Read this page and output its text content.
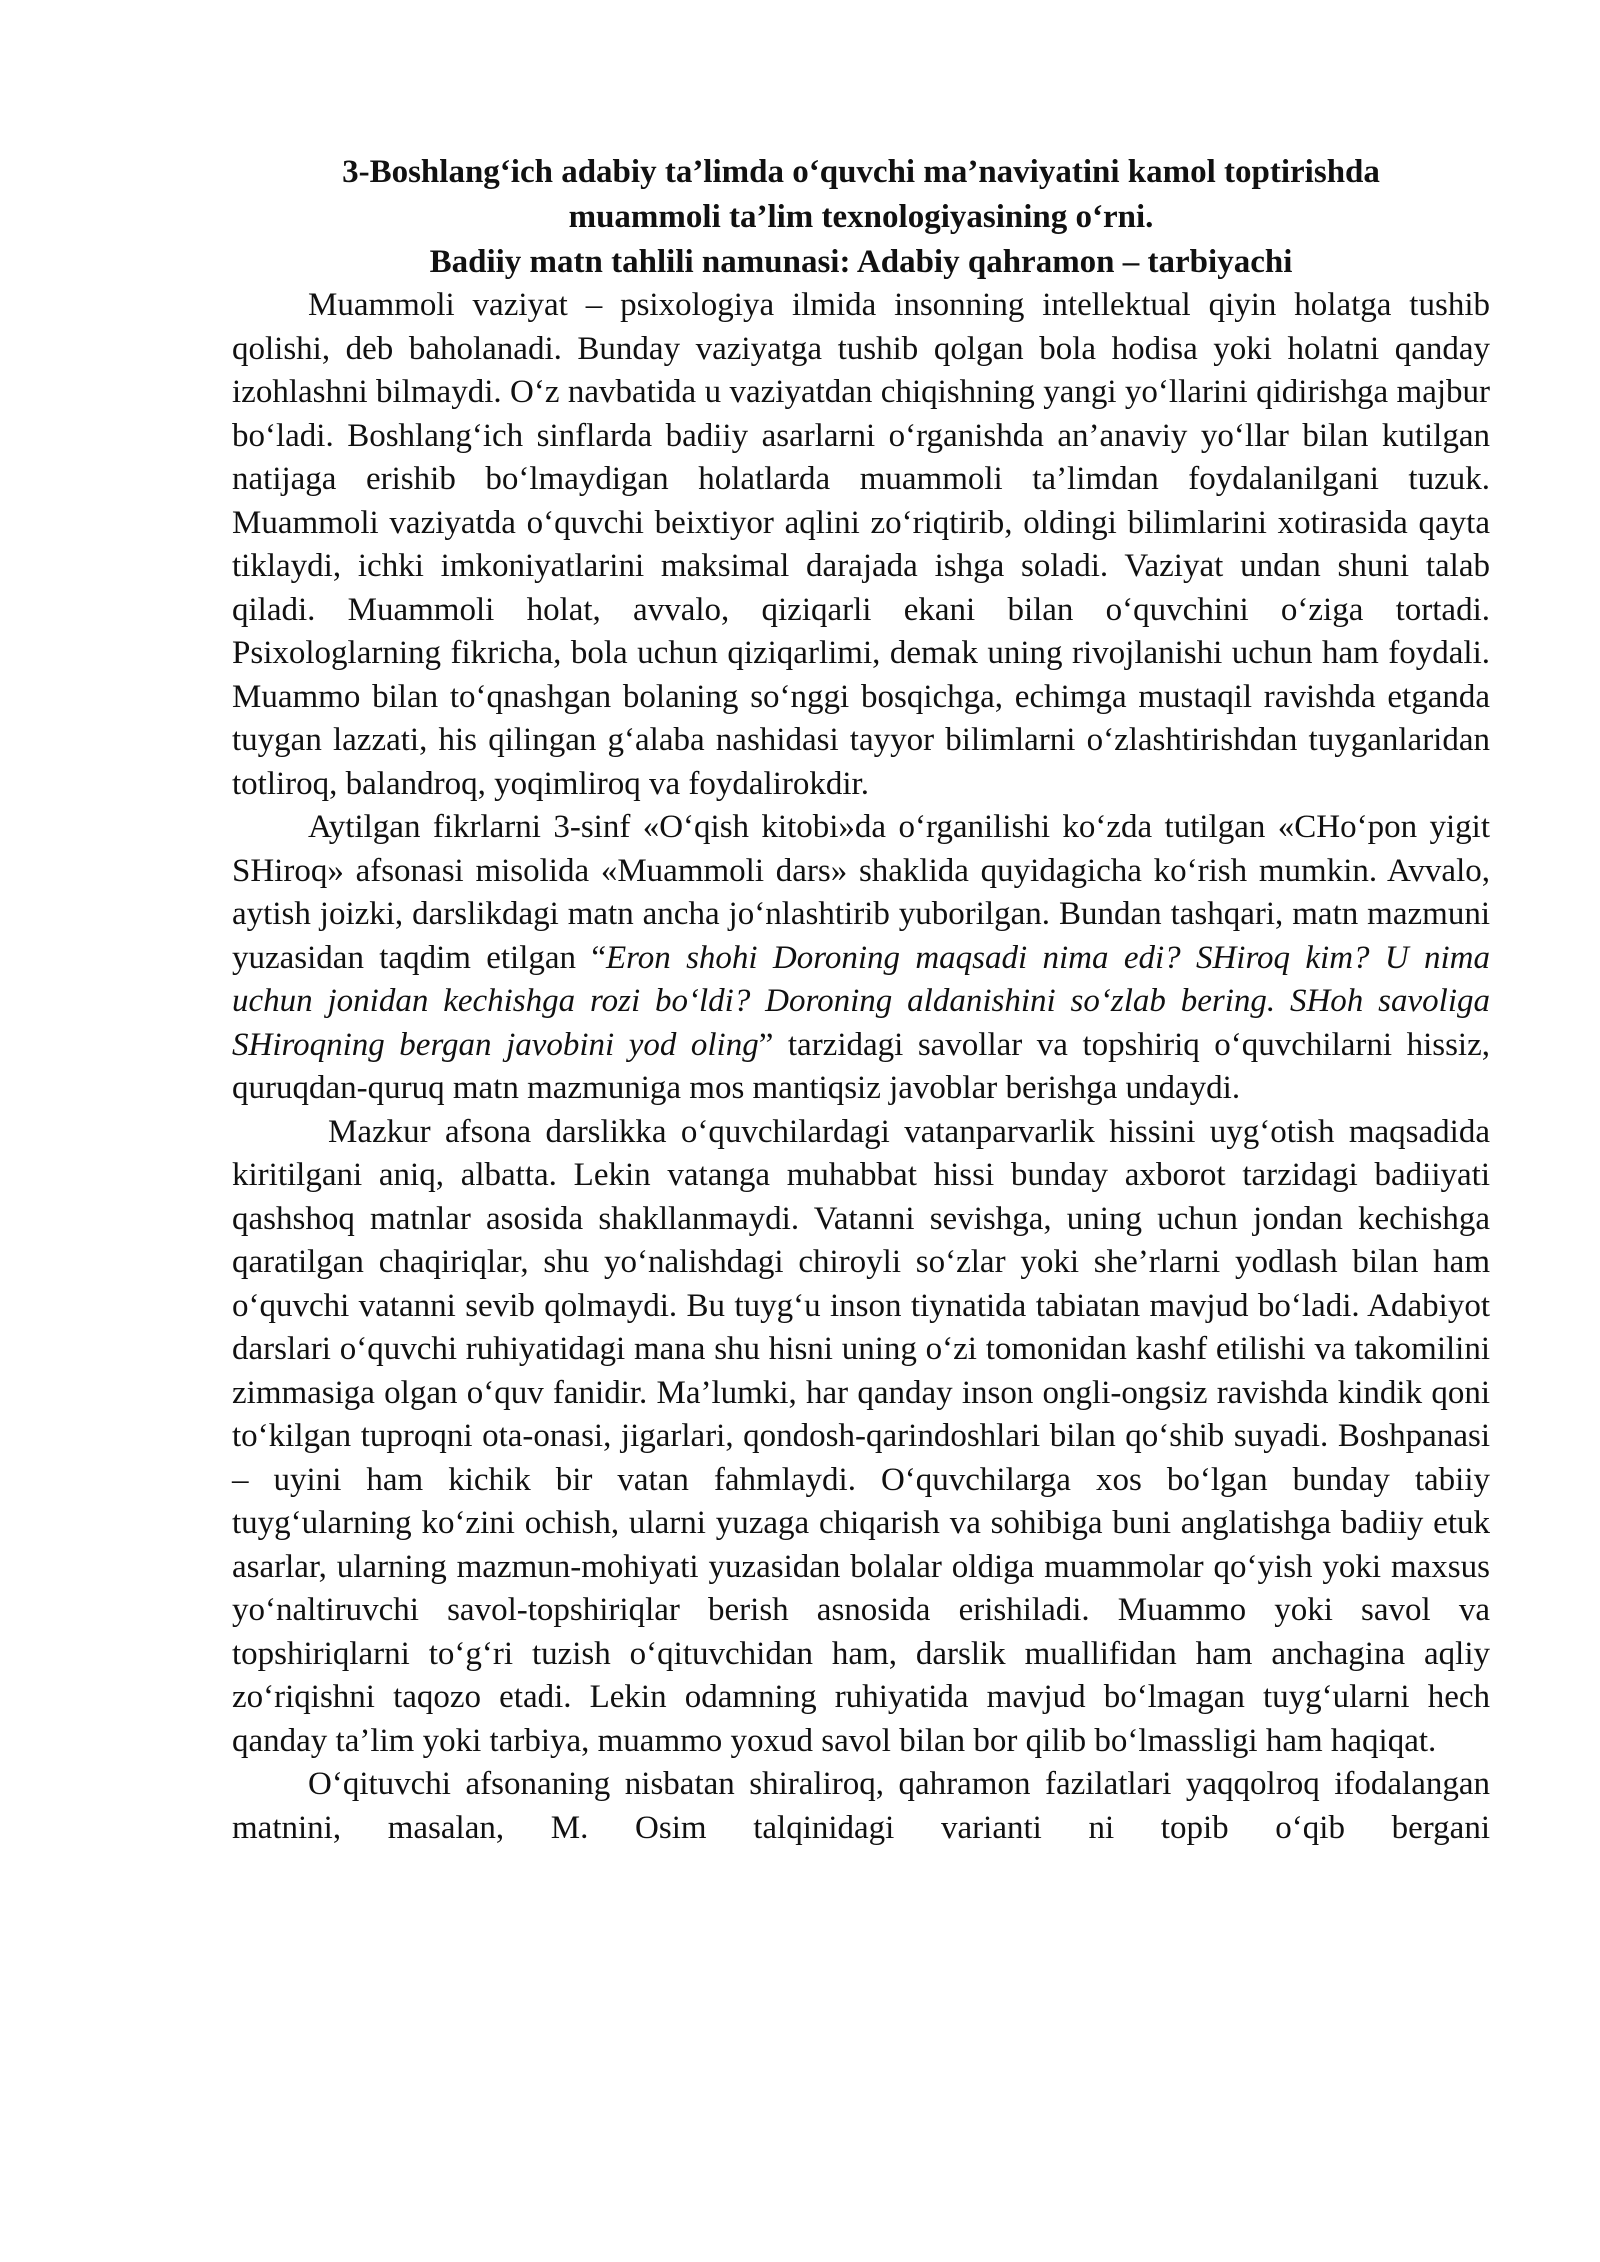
3-Boshlang‘ich adabiy ta’limda o‘quvchi ma’naviyatini kamol toptirishda
muammoli ta’lim texnologiyasining o‘rni.

Badiiy matn tahlili namunasi: Adabiy qahramon – tarbiyachi

Muammoli vaziyat – psixologiya ilmida insonning intellektual qiyin holatga tushib qolishi, deb baholanadi. Bunday vaziyatga tushib qolgan bola hodisa yoki holatni qanday izohlashni bilmaydi. O‘z navbatida u vaziyatdan chiqishning yangi yo‘llarini qidirishga majbur bo‘ladi. Boshlang‘ich sinflarda badiiy asarlarni o‘rganishda an’anaviy yo‘llar bilan kutilgan natijaga erishib bo‘lmaydigan holatlarda muammoli ta’limdan foydalanilgani tuzuk. Muammoli vaziyatda o‘quvchi beixtiyor aqlini zo‘riqtirib, oldingi bilimlarini xotirasida qayta tiklaydi, ichki imkoniyatlarini maksimal darajada ishga soladi. Vaziyat undan shuni talab qiladi. Muammoli holat, avvalo, qiziqarli ekani bilan o‘quvchini o‘ziga tortadi. Psixologlarning fikricha, bola uchun qiziqarlimi, demak uning rivojlanishi uchun ham foydali. Muammo bilan to‘qnashgan bolaning so‘nggi bosqichga, echimga mustaqil ravishda etganda tuygan lazzati, his qilingan g‘alaba nashidasi tayyor bilimlarni o‘zlashtirishdan tuyganlaridan totliroq, balandroq, yoqimliroq va foydalirokdir.

Aytilgan fikrlarni 3-sinf «O‘qish kitobi»da o‘rganilishi ko‘zda tutilgan «CHo‘pon yigit SHiroq» afsonasi misolida «Muammoli dars» shaklida quyidagicha ko‘rish mumkin. Avvalo, aytish joizki, darslikdagi matn ancha jo‘nlashtirib yuborilgan. Bundan tashqari, matn mazmuni yuzasidan taqdim etilgan “Eron shohi Doroning maqsadi nima edi? SHiroq kim? U nima uchun jonidan kechishga rozi bo‘ldi? Doroning aldanishini so‘zlab bering. SHoh savoliga SHiroqning bergan javobini yod oling” tarzidagi savollar va topshiriq o‘quvchilarni hissiz, quruqdan-quruq matn mazmuniga mos mantiqsiz javoblar berishga undaydi.

Mazkur afsona darslikka o‘quvchilardagi vatanparvarlik hissini uyg‘otish maqsadida kiritilgani aniq, albatta. Lekin vatanga muhabbat hissi bunday axborot tarzidagi badiiyati qashshoq matnlar asosida shakllanmaydi. Vatanni sevishga, uning uchun jondan kechishga qaratilgan chaqiriqlar, shu yo‘nalishdagi chiroyli so‘zlar yoki she’rlarni yodlash bilan ham o‘quvchi vatanni sevib qolmaydi. Bu tuyg‘u inson tiynatida tabiatan mavjud bo‘ladi. Adabiyot darslari o‘quvchi ruhiyatidagi mana shu hisni uning o‘zi tomonidan kashf etilishi va takomilini zimmasiga olgan o‘quv fanidir. Ma’lumki, har qanday inson ongli-ongsiz ravishda kindik qoni to‘kilgan tuproqni ota-onasi, jigarlari, qondosh-qarindoshlari bilan qo‘shib suyadi. Boshpanasi – uyini ham kichik bir vatan fahmlaydi. O‘quvchilarga xos bo‘lgan bunday tabiiy tuyg‘ularning ko‘zini ochish, ularni yuzaga chiqarish va sohibiga buni anglatishga badiiy etuk asarlar, ularning mazmun-mohiyati yuzasidan bolalar oldiga muammolar qo‘yish yoki maxsus yo‘naltiruvchi savol-topshiriqlar berish asnosida erishiladi. Muammo yoki savol va topshiriqlarni to‘g‘ri tuzish o‘qituvchidan ham, darslik muallifidan ham anchagina aqliy zo‘riqishni taqozo etadi. Lekin odamning ruhiyatida mavjud bo‘lmagan tuyg‘ularni hech qanday ta’lim yoki tarbiya, muammo yoxud savol bilan bor qilib bo‘lmassligi ham haqiqat.

O‘qituvchi afsonaning nisbatan shiraliroq, qahramon fazilatlari yaqqolroq ifodalangan matnini, masalan, M. Osim talqinidagi varianti ni topib o‘qib bergani
